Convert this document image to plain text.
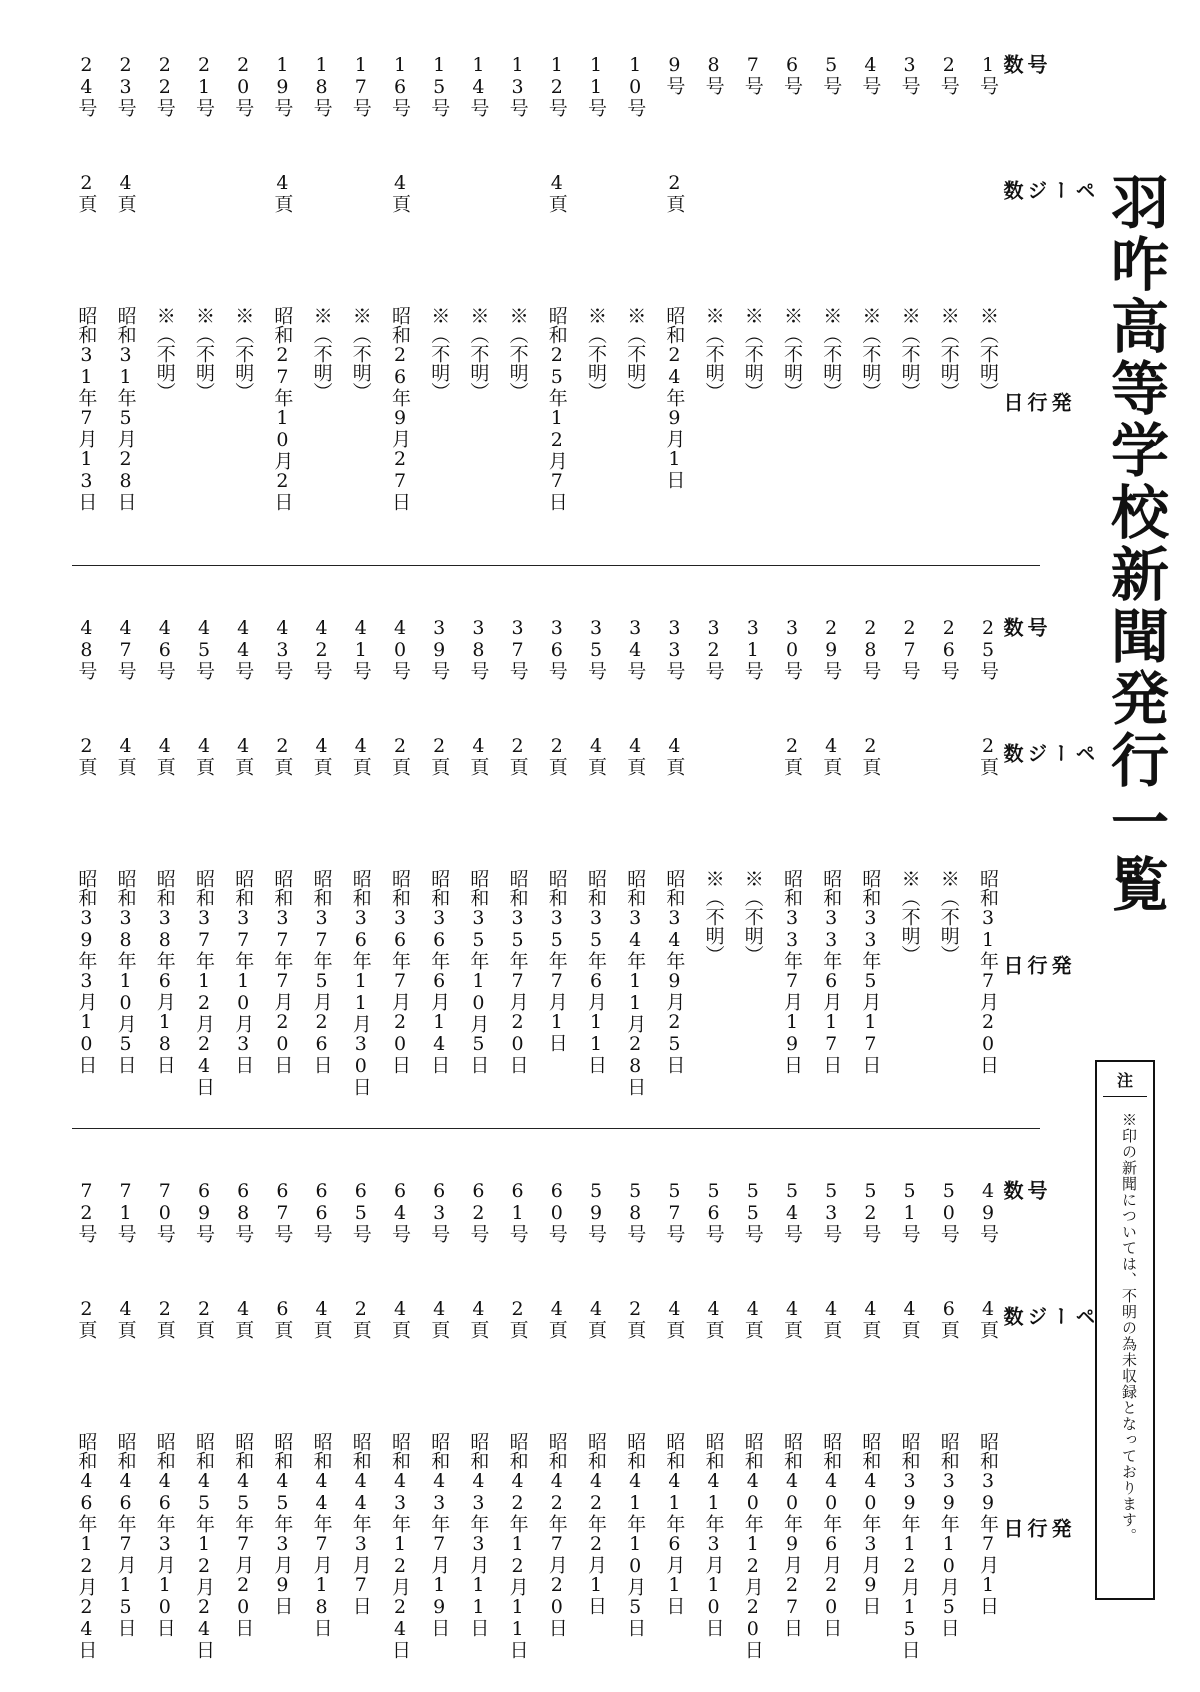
羽咋高等学校新聞発行一覧
注
※印の新聞については、不明の為未収録となっております。
号数
ページ数
発行日
1号
※（不明）
2号
※（不明）
3号
※（不明）
4号
※（不明）
5号
※（不明）
6号
※（不明）
7号
※（不明）
8号
※（不明）
9号
2頁
昭和24年9月1日
10号
※（不明）
11号
※（不明）
12号
4頁
昭和25年12月7日
13号
※（不明）
14号
※（不明）
15号
※（不明）
16号
4頁
昭和26年9月27日
17号
※（不明）
18号
※（不明）
19号
4頁
昭和27年10月2日
20号
※（不明）
21号
※（不明）
22号
※（不明）
23号
4頁
昭和31年5月28日
24号
2頁
昭和31年7月13日
号数
ページ数
発行日
25号
2頁
昭和31年7月20日
26号
※（不明）
27号
※（不明）
28号
2頁
昭和33年5月17日
29号
4頁
昭和33年6月17日
30号
2頁
昭和33年7月19日
31号
※（不明）
32号
※（不明）
33号
4頁
昭和34年9月25日
34号
4頁
昭和34年11月28日
35号
4頁
昭和35年6月11日
36号
2頁
昭和35年7月1日
37号
2頁
昭和35年7月20日
38号
4頁
昭和35年10月5日
39号
2頁
昭和36年6月14日
40号
2頁
昭和36年7月20日
41号
4頁
昭和36年11月30日
42号
4頁
昭和37年5月26日
43号
2頁
昭和37年7月20日
44号
4頁
昭和37年10月3日
45号
4頁
昭和37年12月24日
46号
4頁
昭和38年6月18日
47号
4頁
昭和38年10月5日
48号
2頁
昭和39年3月10日
号数
ページ数
発行日
49号
4頁
昭和39年7月1日
50号
6頁
昭和39年10月5日
51号
4頁
昭和39年12月15日
52号
4頁
昭和40年3月9日
53号
4頁
昭和40年6月20日
54号
4頁
昭和40年9月27日
55号
4頁
昭和40年12月20日
56号
4頁
昭和41年3月10日
57号
4頁
昭和41年6月1日
58号
2頁
昭和41年10月5日
59号
4頁
昭和42年2月1日
60号
4頁
昭和42年7月20日
61号
2頁
昭和42年12月11日
62号
4頁
昭和43年3月11日
63号
4頁
昭和43年7月19日
64号
4頁
昭和43年12月24日
65号
2頁
昭和44年3月7日
66号
4頁
昭和44年7月18日
67号
6頁
昭和45年3月9日
68号
4頁
昭和45年7月20日
69号
2頁
昭和45年12月24日
70号
2頁
昭和46年3月10日
71号
4頁
昭和46年7月15日
72号
2頁
昭和46年12月24日
